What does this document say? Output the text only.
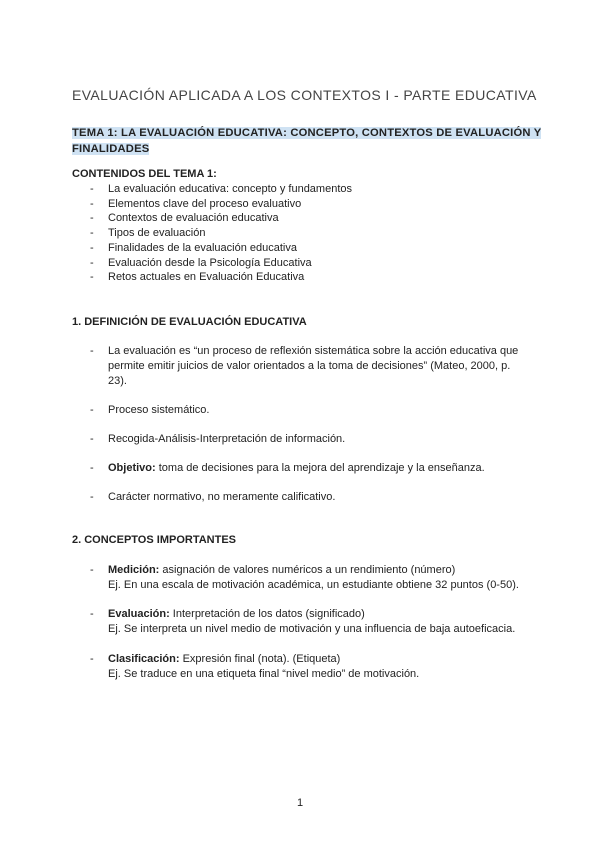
EVALUACIÓN APLICADA A LOS CONTEXTOS I - PARTE EDUCATIVA
TEMA 1: LA EVALUACIÓN EDUCATIVA: CONCEPTO, CONTEXTOS DE EVALUACIÓN Y FINALIDADES
CONTENIDOS DEL TEMA 1:
- La evaluación educativa: concepto y fundamentos
- Elementos clave del proceso evaluativo
- Contextos de evaluación educativa
- Tipos de evaluación
- Finalidades de la evaluación educativa
- Evaluación desde la Psicología Educativa
- Retos actuales en Evaluación Educativa
1. DEFINICIÓN DE EVALUACIÓN EDUCATIVA
- La evaluación es “un proceso de reflexión sistemática sobre la acción educativa que permite emitir juicios de valor orientados a la toma de decisiones” (Mateo, 2000, p. 23).
- Proceso sistemático.
- Recogida-Análisis-Interpretación de información.
- Objetivo: toma de decisiones para la mejora del aprendizaje y la enseñanza.
- Carácter normativo, no meramente calificativo.
2. CONCEPTOS IMPORTANTES
- Medición: asignación de valores numéricos a un rendimiento (número)
Ej. En una escala de motivación académica, un estudiante obtiene 32 puntos (0-50).
- Evaluación: Interpretación de los datos (significado)
Ej. Se interpreta un nivel medio de motivación y una influencia de baja autoeficacia.
- Clasificación: Expresión final (nota). (Etiqueta)
Ej. Se traduce en una etiqueta final “nivel medio” de motivación.
1
